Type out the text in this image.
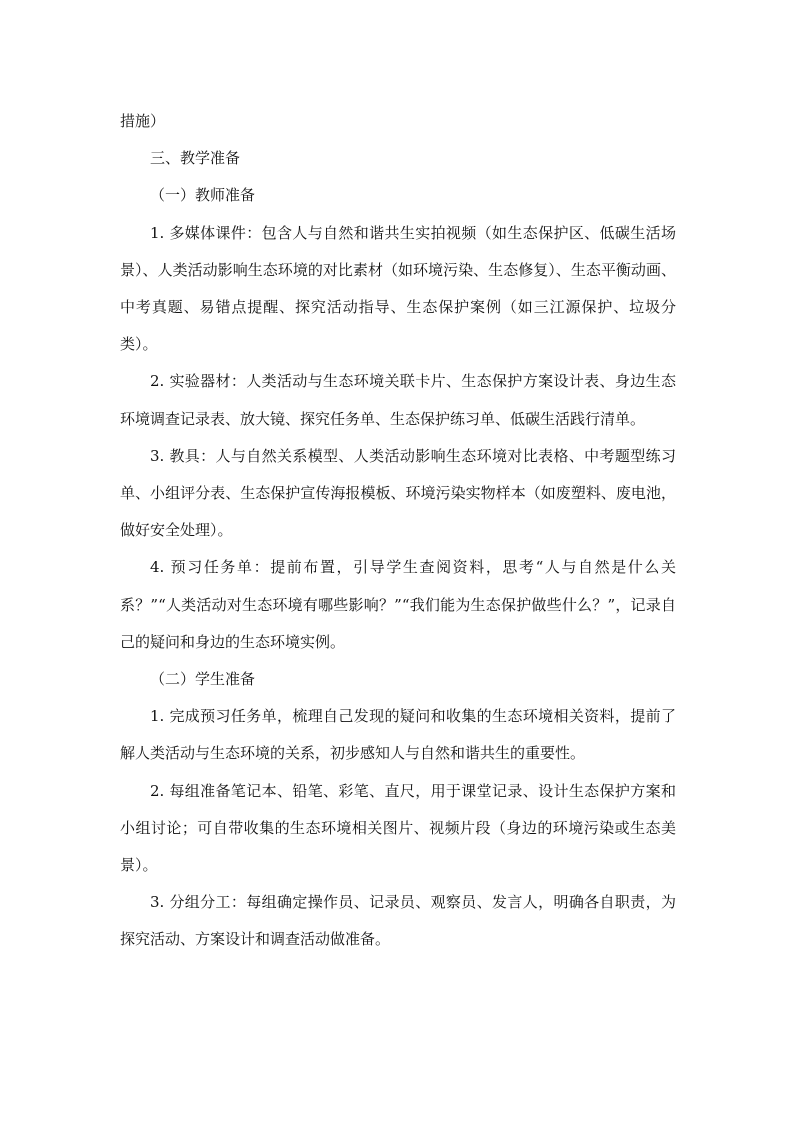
措施）

三、教学准备

（一）教师准备

1. 多媒体课件：包含人与自然和谐共生实拍视频（如生态保护区、低碳生活场景）、人类活动影响生态环境的对比素材（如环境污染、生态修复）、生态平衡动画、中考真题、易错点提醒、探究活动指导、生态保护案例（如三江源保护、垃圾分类）。

2. 实验器材：人类活动与生态环境关联卡片、生态保护方案设计表、身边生态环境调查记录表、放大镜、探究任务单、生态保护练习单、低碳生活践行清单。

3. 教具：人与自然关系模型、人类活动影响生态环境对比表格、中考题型练习单、小组评分表、生态保护宣传海报模板、环境污染实物样本（如废塑料、废电池，做好安全处理）。

4. 预习任务单：提前布置，引导学生查阅资料，思考“人与自然是什么关系？”“人类活动对生态环境有哪些影响？”“我们能为生态保护做些什么？”，记录自己的疑问和身边的生态环境实例。

（二）学生准备

1. 完成预习任务单，梳理自己发现的疑问和收集的生态环境相关资料，提前了解人类活动与生态环境的关系，初步感知人与自然和谐共生的重要性。

2. 每组准备笔记本、铅笔、彩笔、直尺，用于课堂记录、设计生态保护方案和小组讨论；可自带收集的生态环境相关图片、视频片段（身边的环境污染或生态美景）。

3. 分组分工：每组确定操作员、记录员、观察员、发言人，明确各自职责，为探究活动、方案设计和调查活动做准备。
